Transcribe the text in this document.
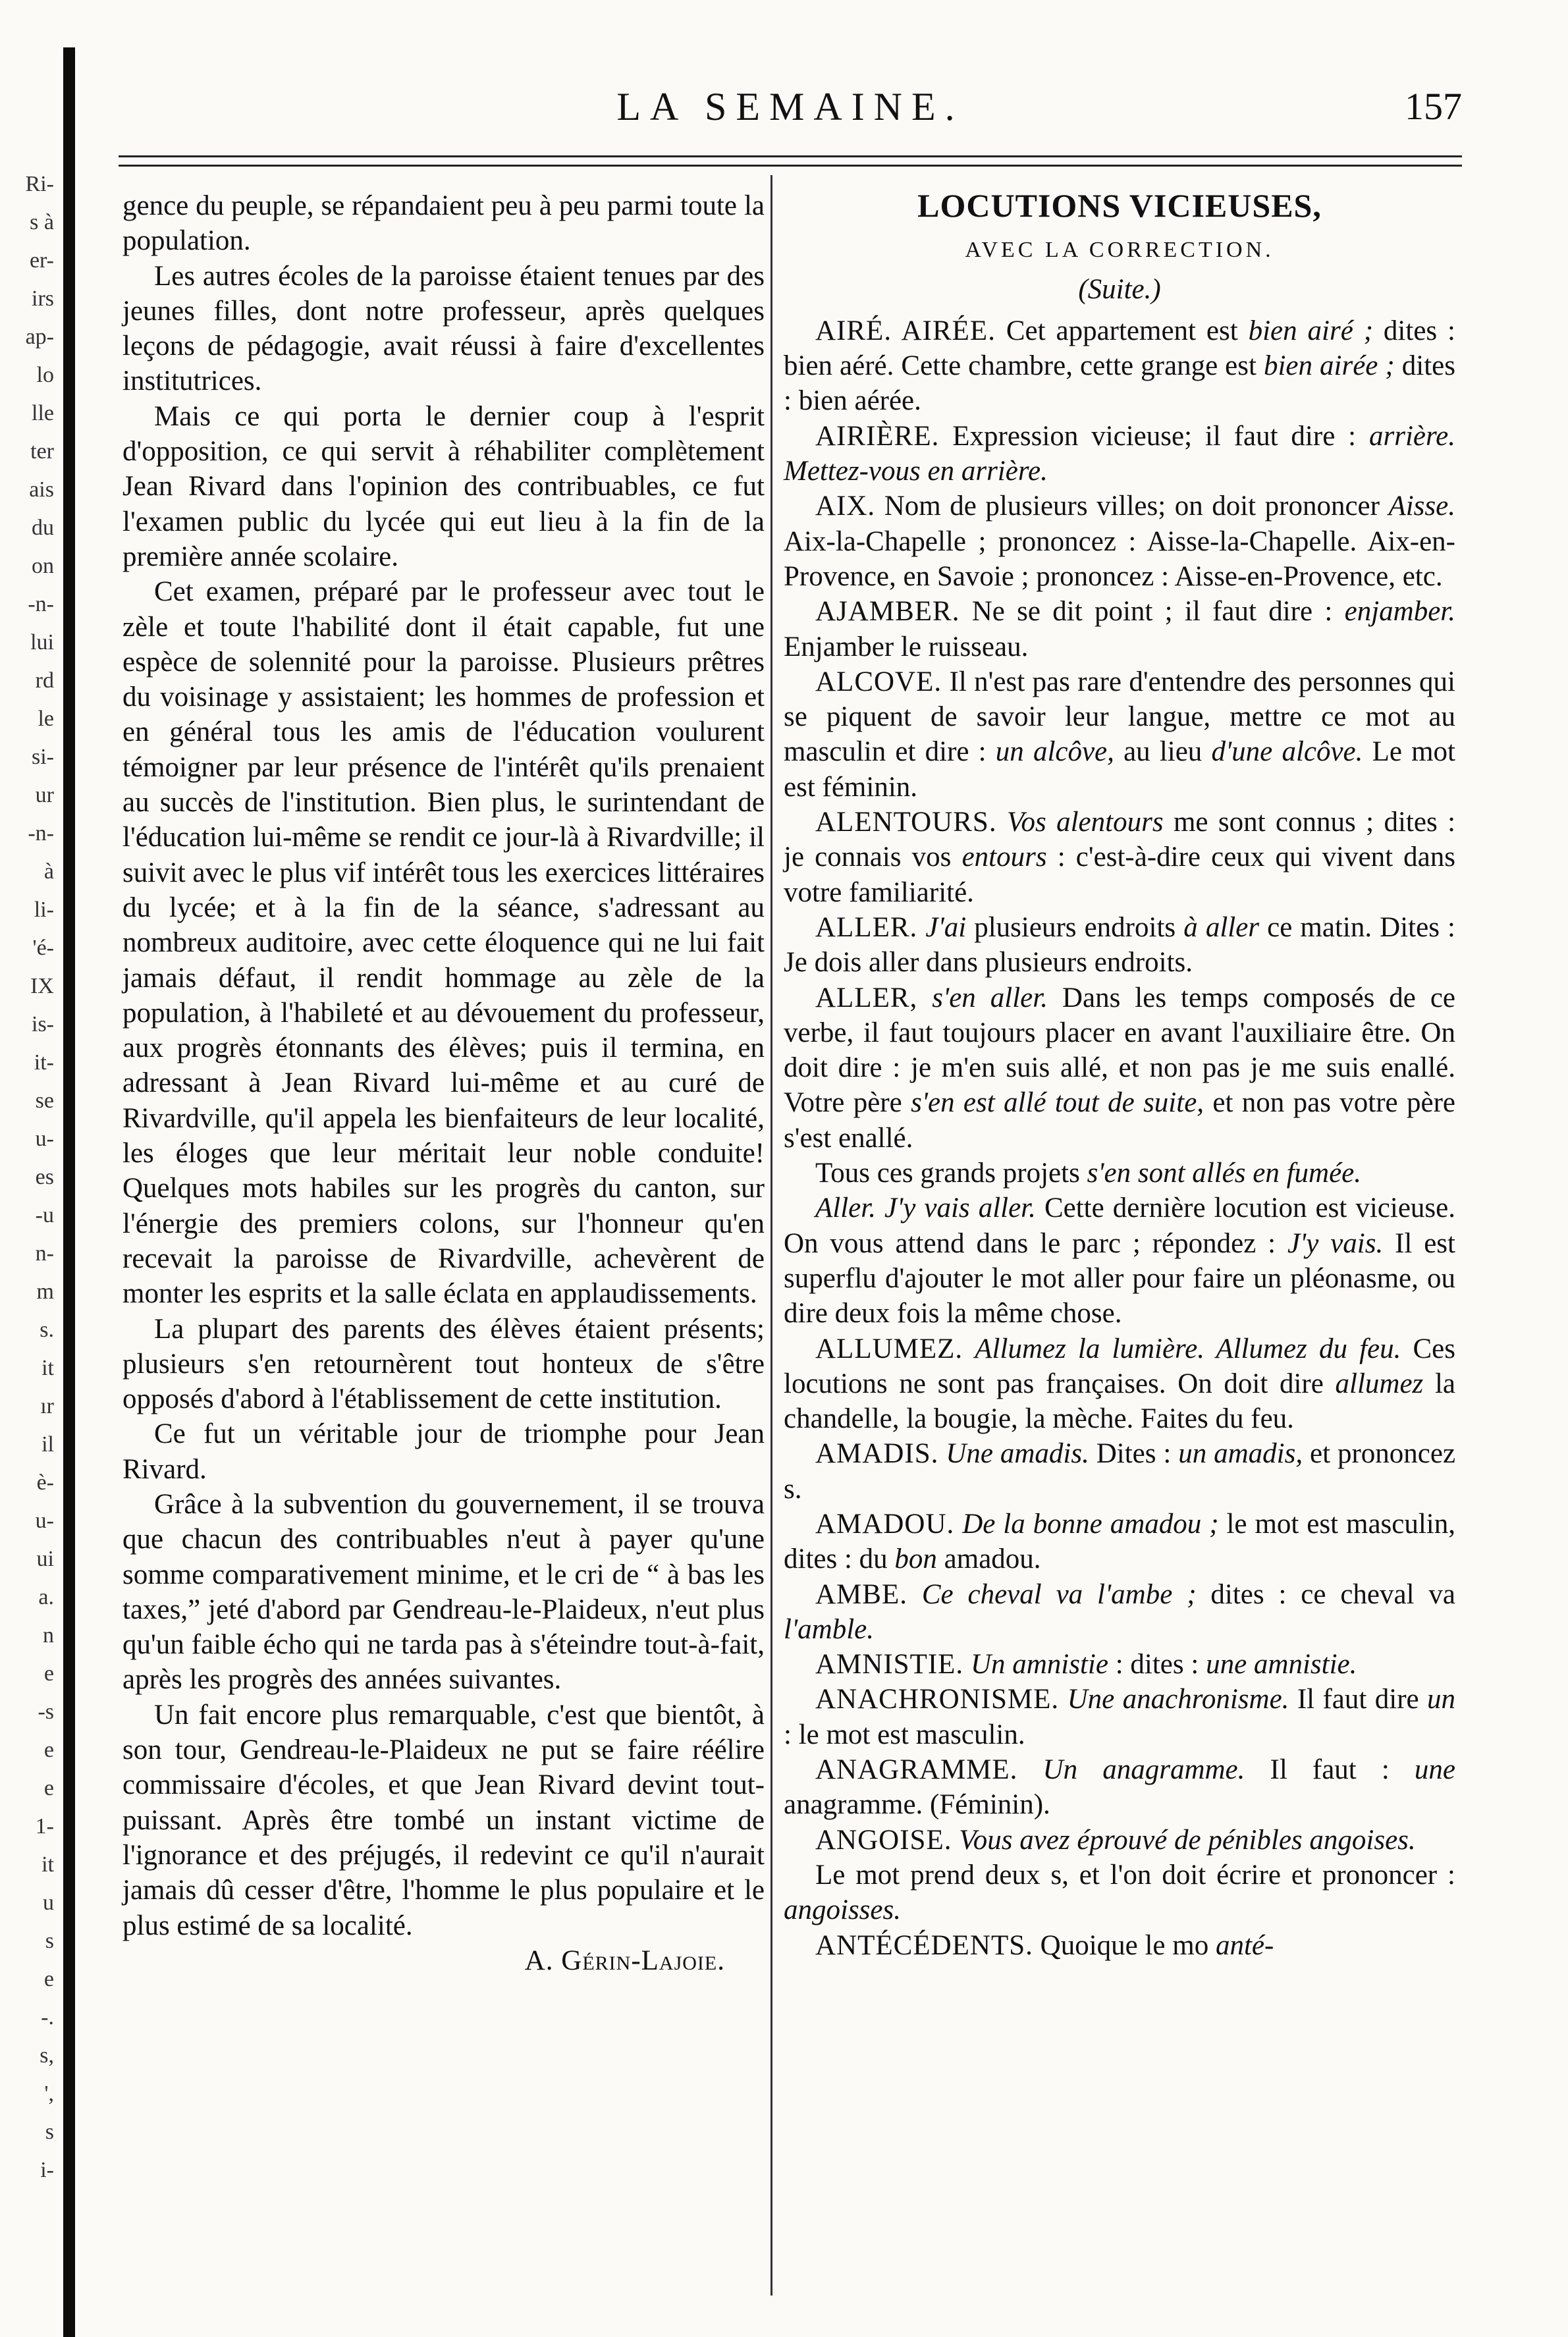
Ri-
s à
er-
irs
ap-
lo
lle
ter
ais
du
on
-n-
lui
rd
le
si-
ur
-n-
à
li-
'é-
IX
is-
it-
se
u-
es
-u
n-
m
s.
it
ır
il
è-
u-
ui
a.
n
e
-s
e
e
1-
it
u
s
e
-.
s,
',
s
i-
LA SEMAINE.	157

gence du peuple, se répandaient peu à peu parmi toute la population.

Les autres écoles de la paroisse étaient tenues par des jeunes filles, dont notre professeur, après quelques leçons de pédagogie, avait réussi à faire d'excellentes institutrices.

Mais ce qui porta le dernier coup à l'esprit d'opposition, ce qui servit à réhabiliter complètement Jean Rivard dans l'opinion des contribuables, ce fut l'examen public du lycée qui eut lieu à la fin de la première année scolaire.

Cet examen, préparé par le professeur avec tout le zèle et toute l'habilité dont il était capable, fut une espèce de solennité pour la paroisse. Plusieurs prêtres du voisinage y assistaient; les hommes de profession et en général tous les amis de l'éducation voulurent témoigner par leur présence de l'intérêt qu'ils prenaient au succès de l'institution. Bien plus, le surintendant de l'éducation lui-même se rendit ce jour-là à Rivardville; il suivit avec le plus vif intérêt tous les exercices littéraires du lycée; et à la fin de la séance, s'adressant au nombreux auditoire, avec cette éloquence qui ne lui fait jamais défaut, il rendit hommage au zèle de la population, à l'habileté et au dévouement du professeur, aux progrès étonnants des élèves; puis il termina, en adressant à Jean Rivard lui-même et au curé de Rivardville, qu'il appela les bienfaiteurs de leur localité, les éloges que leur méritait leur noble conduite! Quelques mots habiles sur les progrès du canton, sur l'énergie des premiers colons, sur l'honneur qu'en recevait la paroisse de Rivardville, achevèrent de monter les esprits et la salle éclata en applaudissements.

La plupart des parents des élèves étaient présents; plusieurs s'en retournèrent tout honteux de s'être opposés d'abord à l'établissement de cette institution.

Ce fut un véritable jour de triomphe pour Jean Rivard.

Grâce à la subvention du gouvernement, il se trouva que chacun des contribuables n'eut à payer qu'une somme comparativement minime, et le cri de “ à bas les taxes,” jeté d'abord par Gendreau-le-Plaideux, n'eut plus qu'un faible écho qui ne tarda pas à s'éteindre tout-à-fait, après les progrès des années suivantes.

Un fait encore plus remarquable, c'est que bientôt, à son tour, Gendreau-le-Plaideux ne put se faire réélire commissaire d'écoles, et que Jean Rivard devint tout-puissant. Après être tombé un instant victime de l'ignorance et des préjugés, il redevint ce qu'il n'aurait jamais dû cesser d'être, l'homme le plus populaire et le plus estimé de sa localité.

A. Gérin-Lajoie.

LOCUTIONS VICIEUSES,
AVEC LA CORRECTION.
(Suite.)

AIRÉ. AIRÉE. Cet appartement est bien airé ; dites : bien aéré. Cette chambre, cette grange est bien airée ; dites : bien aérée.

AIRIÈRE. Expression vicieuse; il faut dire : arrière. Mettez-vous en arrière.

AIX. Nom de plusieurs villes; on doit prononcer Aisse. Aix-la-Chapelle ; prononcez : Aisse-la-Chapelle. Aix-en-Provence, en Savoie ; prononcez : Aisse-en-Provence, etc.

AJAMBER. Ne se dit point ; il faut dire : enjamber. Enjamber le ruisseau.

ALCOVE. Il n'est pas rare d'entendre des personnes qui se piquent de savoir leur langue, mettre ce mot au masculin et dire : un alcôve, au lieu d'une alcôve. Le mot est féminin.

ALENTOURS. Vos alentours me sont connus ; dites : je connais vos entours : c'est-à-dire ceux qui vivent dans votre familiarité.

ALLER. J'ai plusieurs endroits à aller ce matin. Dites : Je dois aller dans plusieurs endroits.

ALLER, s'en aller. Dans les temps composés de ce verbe, il faut toujours placer en avant l'auxiliaire être. On doit dire : je m'en suis allé, et non pas je me suis enallé. Votre père s'en est allé tout de suite, et non pas votre père s'est enallé.

Tous ces grands projets s'en sont allés en fumée.

Aller. J'y vais aller. Cette dernière locution est vicieuse. On vous attend dans le parc ; répondez : J'y vais. Il est superflu d'ajouter le mot aller pour faire un pléonasme, ou dire deux fois la même chose.

ALLUMEZ. Allumez la lumière. Allumez du feu. Ces locutions ne sont pas françaises. On doit dire allumez la chandelle, la bougie, la mèche. Faites du feu.

AMADIS. Une amadis. Dites : un amadis, et prononcez s.

AMADOU. De la bonne amadou ; le mot est masculin, dites : du bon amadou.

AMBE. Ce cheval va l'ambe ; dites : ce cheval va l'amble.

AMNISTIE. Un amnistie : dites : une amnistie.

ANACHRONISME. Une anachronisme. Il faut dire un : le mot est masculin.

ANAGRAMME. Un anagramme. Il faut : une anagramme. (Féminin).

ANGOISE. Vous avez éprouvé de pénibles angoises.

Le mot prend deux s, et l'on doit écrire et prononcer : angoisses.

ANTÉCÉDENTS. Quoique le mo anté-
